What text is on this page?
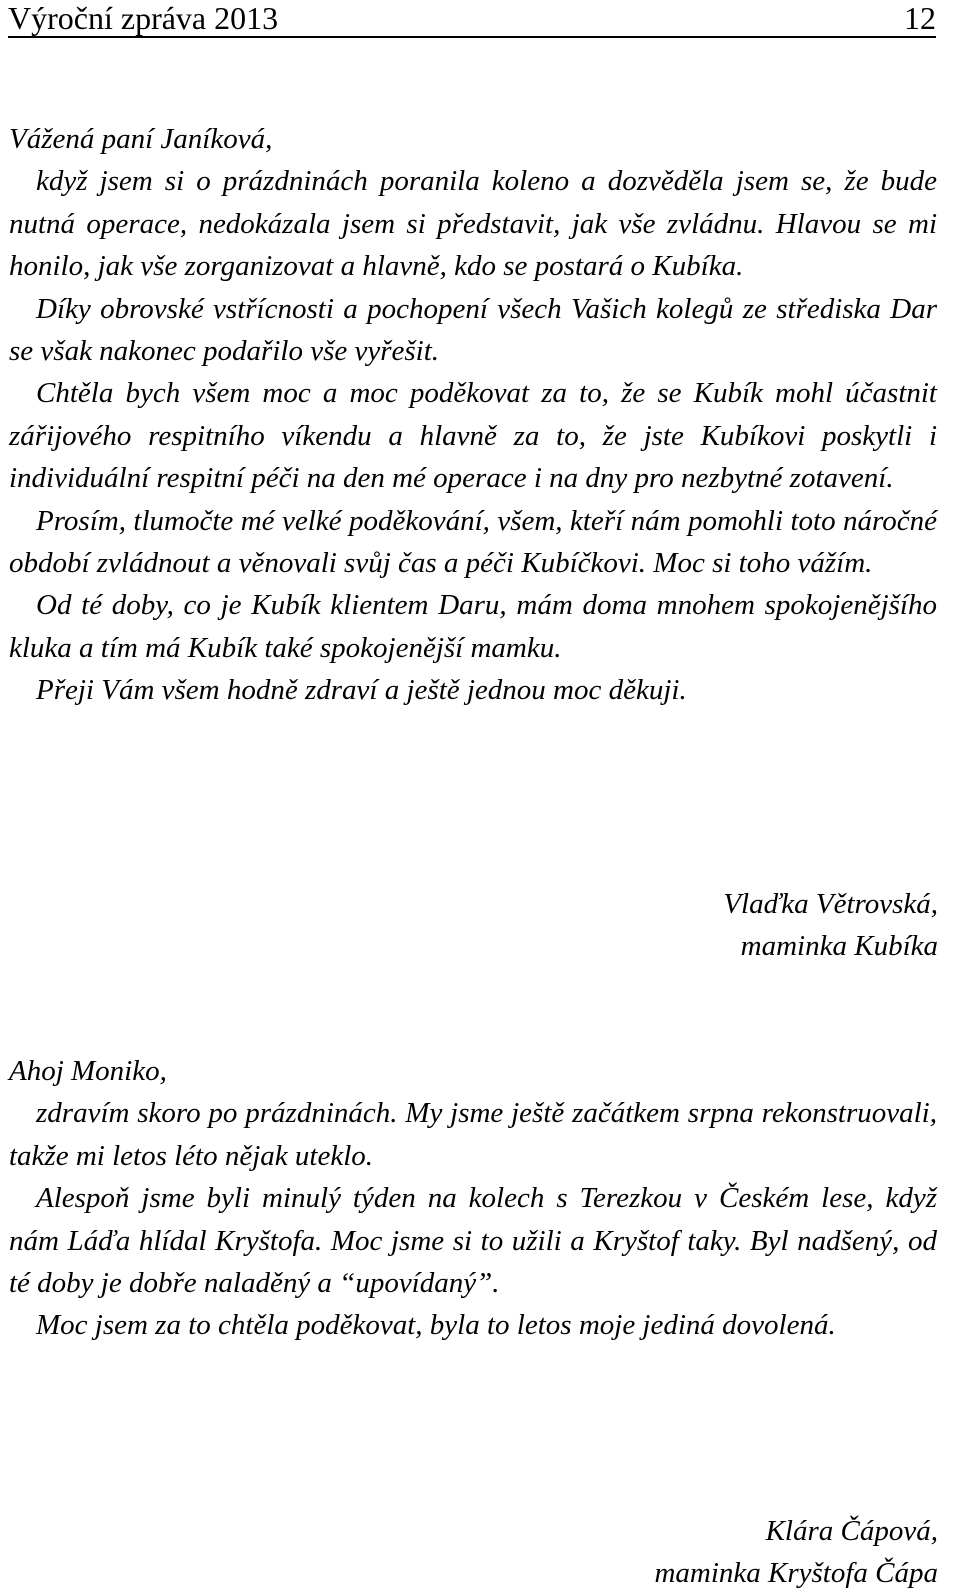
Výroční zpráva 2013	12

Vážená paní Janíková,

když jsem si o prázdninách poranila koleno a dozvěděla jsem se, že bude nutná operace, nedokázala jsem si představit, jak vše zvládnu. Hlavou se mi honilo, jak vše zorganizovat a hlavně, kdo se postará o Kubíka.

Díky obrovské vstřícnosti a pochopení všech Vašich kolegů ze střediska Dar se však nakonec podařilo vše vyřešit.

Chtěla bych všem moc a moc poděkovat za to, že se Kubík mohl účastnit zářijového respitního víkendu a hlavně za to, že jste Kubíkovi poskytli i individuální respitní péči na den mé operace i na dny pro nezbytné zotavení.

Prosím, tlumočte mé velké poděkování, všem, kteří nám pomohli toto náročné období zvládnout a věnovali svůj čas a péči Kubíčkovi. Moc si toho vážím.

Od té doby, co je Kubík klientem Daru, mám doma mnohem spokojenějšího kluka a tím má Kubík také spokojenější mamku.

Přeji Vám všem hodně zdraví a ještě jednou moc děkuji.

Vlaďka Větrovská,

maminka Kubíka

Ahoj Moniko,

zdravím skoro po prázdninách. My jsme ještě začátkem srpna rekonstruovali, takže mi letos léto nějak uteklo.

Alespoň jsme byli minulý týden na kolech s Terezkou v Českém lese, když nám Láďa hlídal Kryštofa. Moc jsme si to užili a Kryštof taky. Byl nadšený, od té doby je dobře naladěný a “upovídaný”.

Moc jsem za to chtěla poděkovat, byla to letos moje jediná dovolená.

Klára Čápová,

maminka Kryštofa Čápa
